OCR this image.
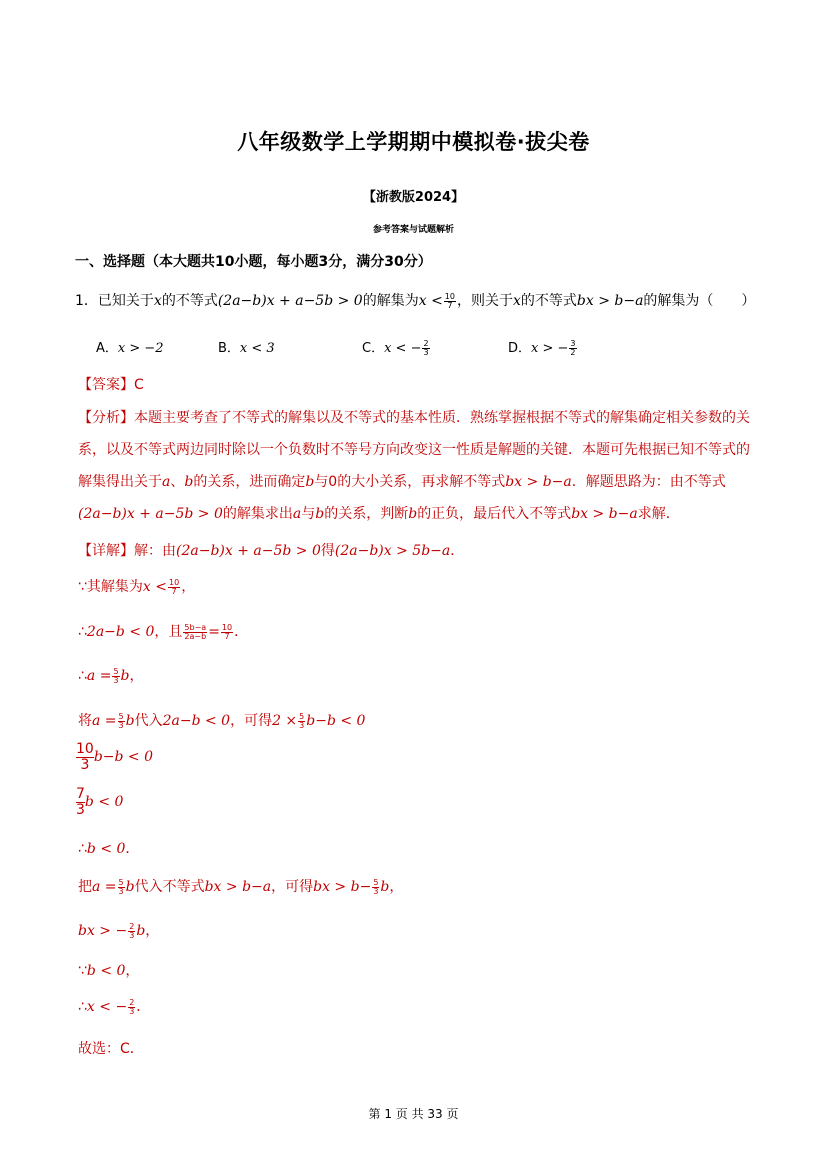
八年级数学上学期期中模拟卷·拔尖卷
【浙教版2024】
参考答案与试题解析
一、选择题（本大题共10小题，每小题3分，满分30分）
1．已知关于x的不等式(2a−b)x + a−5b > 0的解集为$x < \frac{10}{7}$ ，则关于x的不等式bx > b−a的解集为（　　）
A．x > −2	B．x < 3	C．x < − $\frac{2}{3}$	D．x > − $\frac{3}{2}$
【答案】C
【分析】本题主要考查了不等式的解集以及不等式的基本性质．熟练掌握根据不等式的解集确定相关参数的关系，以及不等式两边同时除以一个负数时不等号方向改变这一性质是解题的关键．本题可先根据已知不等式的解集得出关于a、b的关系，进而确定b与0的大小关系，再求解不等式bx > b−a．解题思路为：由不等式(2a−b)x + a−5b > 0的解集求出a与b的关系，判断b的正负，最后代入不等式bx > b−a求解．
【详解】解：由(2a−b)x + a−5b > 0得(2a−b)x > 5b−a．
∵其解集为$x < \frac{10}{7}$ ，
∴2a−b < 0，且 $\frac{5b-a}{2a-b} = \frac{10}{7}$ ．
∴a = $\frac{5}{3}$ b，
将$a = \frac{5}{3}$ b代入2a−b < 0，可得$2 \times \frac{5}{3} b-b < 0$
$\frac{10}{3} b-b < 0$
$\frac{7}{3}$ b < 0
∴b < 0．
把$a = \frac{5}{3}$ b代入不等式bx > b−a，可得bx > $b- \frac{5}{3}$ b，
bx > − $\frac{2}{3}$ b，
∵b < 0，
∴x < − $\frac{2}{3}$ ．
故选：C．
第 1 页 共 33 页
